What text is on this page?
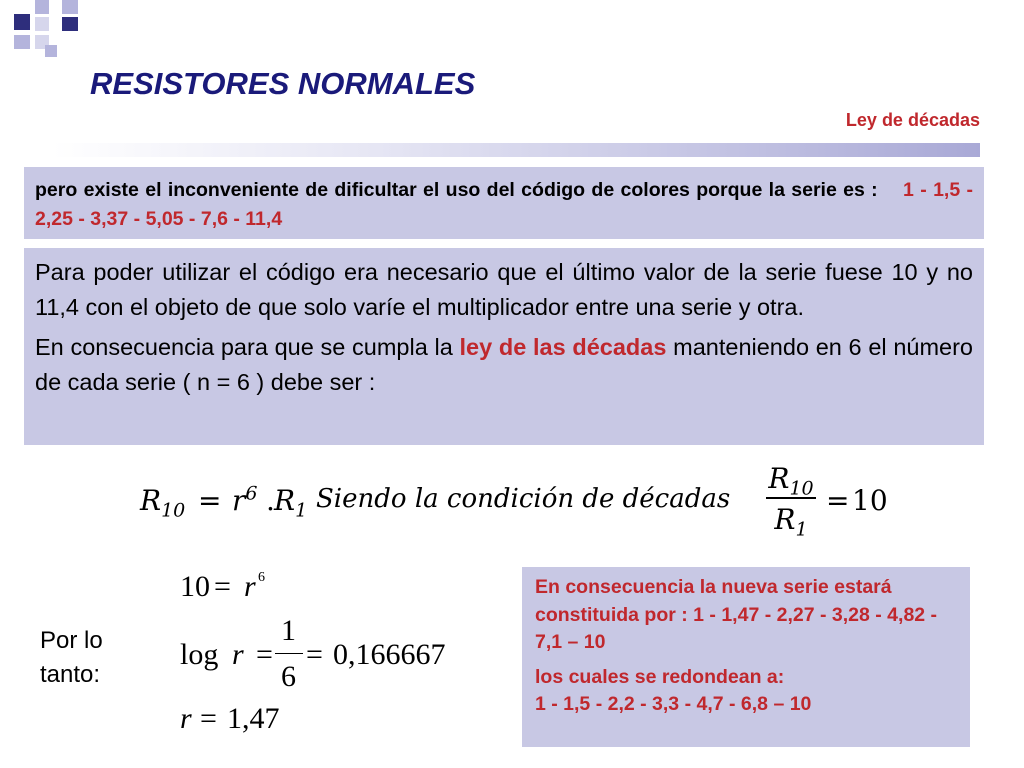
RESISTORES NORMALES
Ley de décadas

pero existe el inconveniente de dificultar el uso del código de colores porque la serie es : 1 - 1,5 - 2,25 - 3,37 - 5,05 - 7,6 - 11,4

Para poder utilizar el código era necesario que el último valor de la serie fuese 10 y no 11,4 con el objeto de que solo varíe el multiplicador entre una serie y otra.

En consecuencia para que se cumpla la ley de las décadas manteniendo en 6 el número de cada serie ( n = 6 ) debe ser :

$R_{10} = r^6$ . $R_1$ Siendo la condición de décadas
$R_{10}$
$R_1$
= 10
Por lo tanto:
10 = r 6
log r =
1
6
= 0,166667
r = 1,47

En consecuencia la nueva serie estará constituida por : 1 - 1,47 - 2,27 - 3,28 - 4,82 - 7,1 – 10

los cuales se redondean a:
1 - 1,5 - 2,2 - 3,3 - 4,7 - 6,8 – 10
